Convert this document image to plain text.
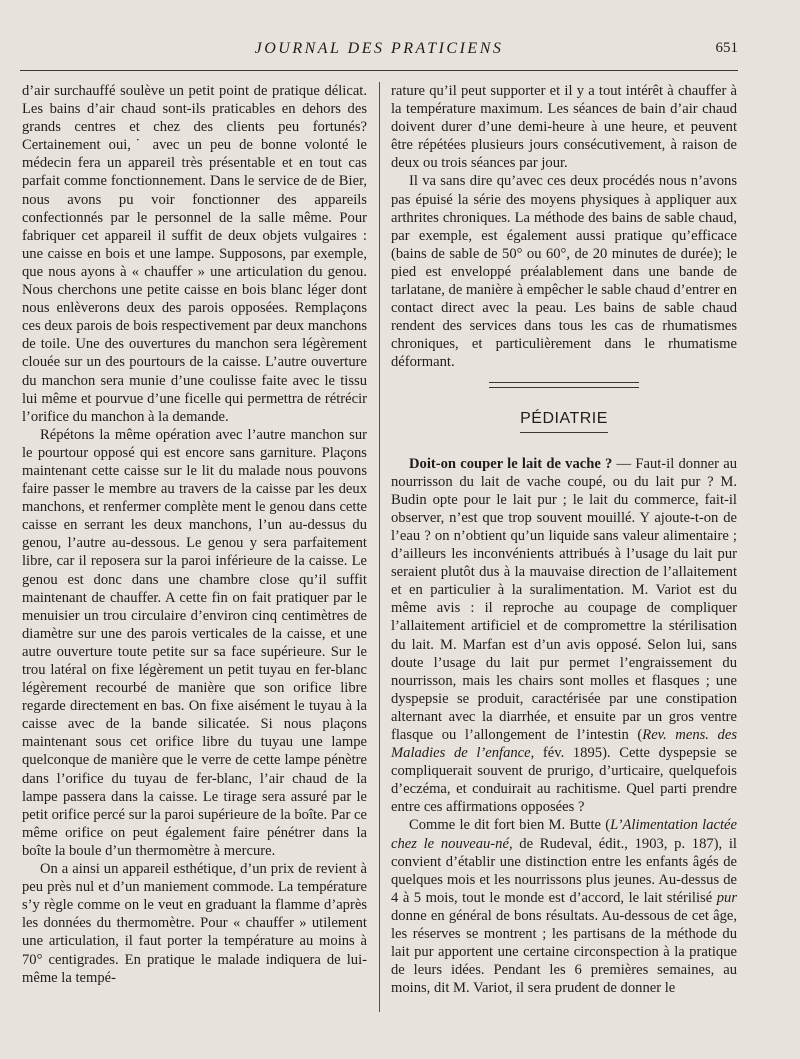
JOURNAL DES PRATICIENS	651

d’air surchauffé soulève un petit point de pratique délicat. Les bains d’air chaud sont-ils praticables en dehors des grands centres et chez des clients peu fortunés? Certainement oui,˙ avec un peu de bonne volonté le médecin fera un appareil très présentable et en tout cas parfait comme fonctionnement. Dans le service de de Bier, nous avons pu voir fonctionner des appareils confectionnés par le personnel de la salle même. Pour fabriquer cet appareil il suffit de deux objets vulgaires : une caisse en bois et une lampe. Supposons, par exemple, que nous ayons à « chauffer » une articulation du genou. Nous cherchons une petite caisse en bois blanc léger dont nous enlèverons deux des parois opposées. Remplaçons ces deux parois de bois respectivement par deux manchons de toile. Une des ouvertures du manchon sera légèrement clouée sur un des pourtours de la caisse. L’autre ouverture du manchon sera munie d’une coulisse faite avec le tissu lui même et pourvue d’une ficelle qui permettra de rétrécir l’orifice du manchon à la demande.

Répétons la même opération avec l’autre manchon sur le pourtour opposé qui est encore sans garniture. Plaçons maintenant cette caisse sur le lit du malade nous pouvons faire passer le membre au travers de la caisse par les deux manchons, et renfermer complète ment le genou dans cette caisse en serrant les deux manchons, l’un au-dessus du genou, l’autre au-dessous. Le genou y sera parfaitement libre, car il reposera sur la paroi inférieure de la caisse. Le genou est donc dans une chambre close qu’il suffit maintenant de chauffer. A cette fin on fait pratiquer par le menuisier un trou circulaire d’environ cinq centimètres de diamètre sur une des parois verticales de la caisse, et une autre ouverture toute petite sur sa face supérieure. Sur le trou latéral on fixe légèrement un petit tuyau en fer-blanc légèrement recourbé de manière que son orifice libre regarde directement en bas. On fixe aisément le tuyau à la caisse avec de la bande silicatée. Si nous plaçons maintenant sous cet orifice libre du tuyau une lampe quelconque de manière que le verre de cette lampe pénètre dans l’orifice du tuyau de fer-blanc, l’air chaud de la lampe passera dans la caisse. Le tirage sera assuré par le petit orifice percé sur la paroi supérieure de la boîte. Par ce même orifice on peut également faire pénétrer dans la boîte la boule d’un thermomètre à mercure.

On a ainsi un appareil esthétique, d’un prix de revient à peu près nul et d’un maniement commode. La température s’y règle comme on le veut en graduant la flamme d’après les données du thermomètre. Pour « chauffer » utilement une articulation, il faut porter la température au moins à 70° centigrades. En pratique le malade indiquera de lui-même la tempé-

rature qu’il peut supporter et il y a tout intérêt à chauffer à la température maximum. Les séances de bain d’air chaud doivent durer d’une demi-heure à une heure, et peuvent être répétées plusieurs jours consécutivement, à raison de deux ou trois séances par jour.

Il va sans dire qu’avec ces deux procédés nous n’avons pas épuisé la série des moyens physiques à appliquer aux arthrites chroniques. La méthode des bains de sable chaud, par exemple, est également aussi pratique qu’efficace (bains de sable de 50° ou 60°, de 20 minutes de durée); le pied est enveloppé préalablement dans une bande de tarlatane, de manière à empêcher le sable chaud d’entrer en contact direct avec la peau. Les bains de sable chaud rendent des services dans tous les cas de rhumatismes chroniques, et particulièrement dans le rhumatisme déformant.

PÉDIATRIE

Doit-on couper le lait de vache ? — Faut-il donner au nourrisson du lait de vache coupé, ou du lait pur ? M. Budin opte pour le lait pur ; le lait du commerce, fait-il observer, n’est que trop souvent mouillé. Y ajoute-t-on de l’eau ? on n’obtient qu’un liquide sans valeur alimentaire ; d’ailleurs les inconvénients attribués à l’usage du lait pur seraient plutôt dus à la mauvaise direction de l’allaitement et en particulier à la suralimentation. M. Variot est du même avis : il reproche au coupage de compliquer l’allaitement artificiel et de compromettre la stérilisation du lait. M. Marfan est d’un avis opposé. Selon lui, sans doute l’usage du lait pur permet l’engraissement du nourrisson, mais les chairs sont molles et flasques ; une dyspepsie se produit, caractérisée par une constipation alternant avec la diarrhée, et ensuite par un gros ventre flasque ou l’allongement de l’intestin (Rev. mens. des Maladies de l’enfance, fév. 1895). Cette dyspepsie se compliquerait souvent de prurigo, d’urticaire, quelquefois d’eczéma, et conduirait au rachitisme. Quel parti prendre entre ces affirmations opposées ?

Comme le dit fort bien M. Butte (L’Alimentation lactée chez le nouveau-né, de Rudeval, édit., 1903, p. 187), il convient d’établir une distinction entre les enfants âgés de quelques mois et les nourrissons plus jeunes. Au-dessus de 4 à 5 mois, tout le monde est d’accord, le lait stérilisé pur donne en général de bons résultats. Au-dessous de cet âge, les réserves se montrent ; les partisans de la méthode du lait pur apportent une certaine circonspection à la pratique de leurs idées. Pendant les 6 premières semaines, au moins, dit M. Variot, il sera prudent de donner le
